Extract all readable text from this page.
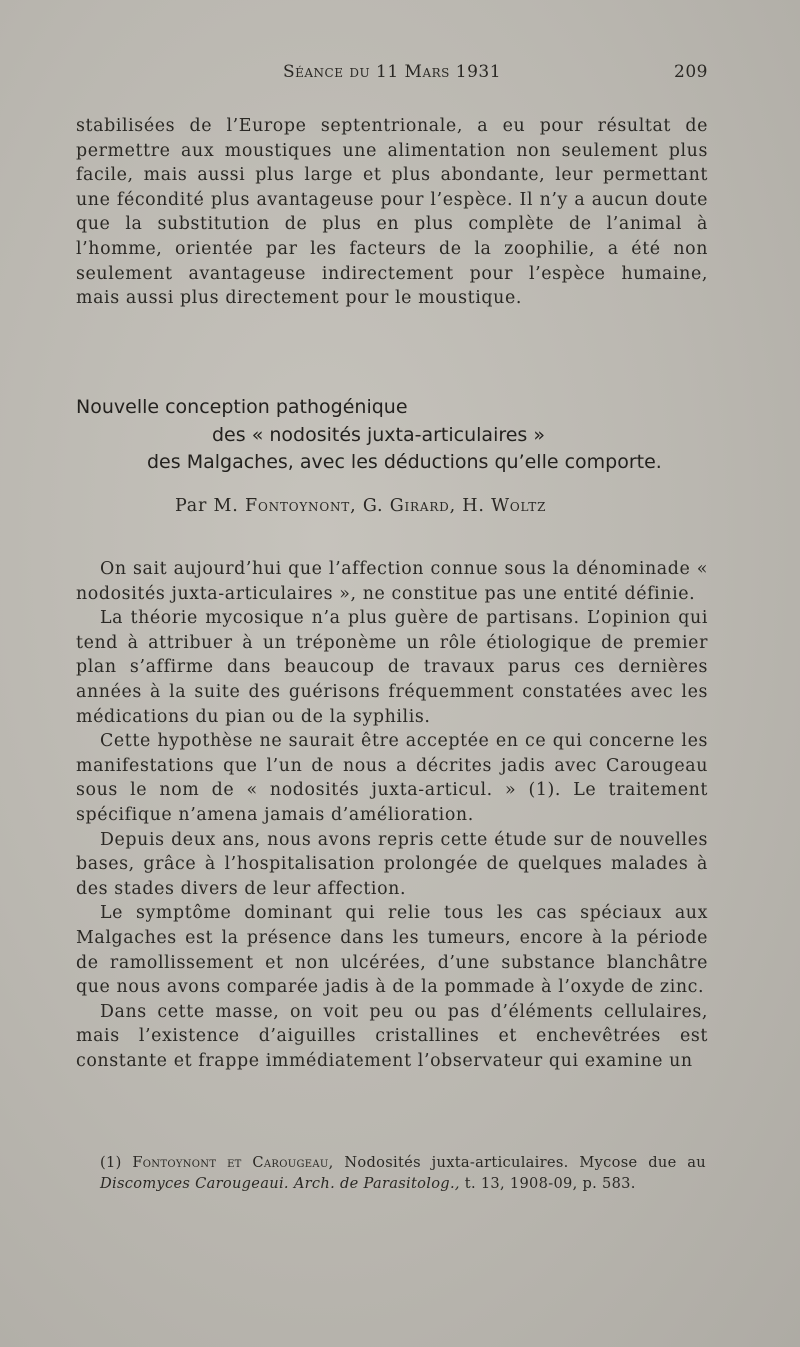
Séance du 11 Mars 1931	209
stabilisées de l’Europe septentrionale, a eu pour résultat de permettre aux moustiques une alimentation non seulement plus facile, mais aussi plus large et plus abondante, leur permettant une fécondité plus avantageuse pour l’espèce. Il n’y a aucun doute que la substitution de plus en plus complète de l’animal à l’homme, orientée par les facteurs de la zoophilie, a été non seulement avantageuse indirectement pour l’espèce humaine, mais aussi plus directement pour le moustique.
Nouvelle conception pathogénique
des « nodosités juxta-articulaires »
des Malgaches, avec les déductions qu’elle comporte.
Par M. Fontoynont, G. Girard, H. Woltz

On sait aujourd’hui que l’affection connue sous la dénominade « nodosités juxta-articulaires », ne constitue pas une entité définie.

La théorie mycosique n’a plus guère de partisans. L’opinion qui tend à attribuer à un tréponème un rôle étiologique de premier plan s’affirme dans beaucoup de travaux parus ces dernières années à la suite des guérisons fréquemment constatées avec les médications du pian ou de la syphilis.

Cette hypothèse ne saurait être acceptée en ce qui concerne les manifestations que l’un de nous a décrites jadis avec Carougeau sous le nom de « nodosités juxta-articul. » (1). Le traitement spécifique n’amena jamais d’amélioration.

Depuis deux ans, nous avons repris cette étude sur de nouvelles bases, grâce à l’hospitalisation prolongée de quelques malades à des stades divers de leur affection.

Le symptôme dominant qui relie tous les cas spéciaux aux Malgaches est la présence dans les tumeurs, encore à la période de ramollissement et non ulcérées, d’une substance blanchâtre que nous avons comparée jadis à de la pommade à l’oxyde de zinc.

Dans cette masse, on voit peu ou pas d’éléments cellulaires, mais l’existence d’aiguilles cristallines et enchevêtrées est constante et frappe immédiatement l’observateur qui examine un

(1) Fontoynont et Carougeau, Nodosités juxta-articulaires. Mycose due au Discomyces Carougeaui. Arch. de Parasitolog., t. 13, 1908-09, p. 583.
